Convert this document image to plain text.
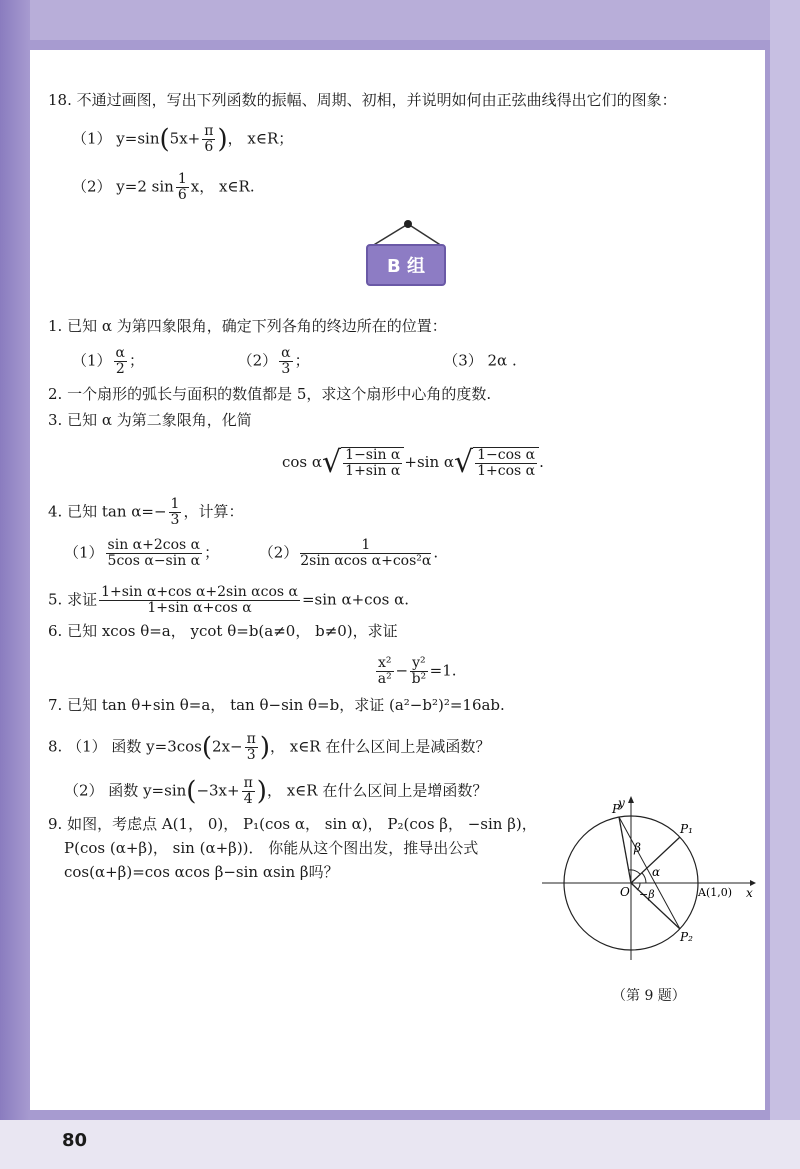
18. 不通过画图，写出下列函数的振幅、周期、初相，并说明如何由正弦曲线得出它们的图象：
（1） $y=\sin(5x+ \frac{\pi}{6}$ )， x∈R；
（2） y=2 $\sin \frac{1}{6}$ x， x∈R.
B 组
1. 已知 α 为第四象限角，确定下列各角的终边所在的位置：
$(1) \frac{\alpha}{2}$ ；	$(2) \frac{\alpha}{3}$ ；	（3） 2α .
2. 一个扇形的弧长与面积的数值都是 5，求这个扇形中心角的度数.
3. 已知 α 为第二象限角，化简
$\cos \alpha√ \frac{\text{1−sin α}}{\text{1+sin α}} +\sin$ $\alpha√ \frac{\text{1−cos α}}{\text{1+cos α}}$ .
4. 已知 $\tan \alpha=- \frac{1}{3}$ ，计算：
$(1) \frac{\text{sin α+2cos α}}{\text{5cos α−sin α}}$ ；	$(2) \frac{1}{\text{2sin αcos α+cos²α}}$ .
5. 求证 $\frac{\text{1+sin α+cos α+2sin αcos α}}{\text{1+sin α+cos α}} =\sin$ α+cos α.
6. 已知 xcos θ=a， ycot θ=b(a≠0， b≠0)，求证
$\frac{\text{x²}}{\text{a²}} - \frac{\text{y²}}{\text{b²}} =1$.
7. 已知 tan θ+sin θ=a， tan θ−sin θ=b，求证 (a²−b²)²=16ab.
8. （1） 函数 $y=3\cos(2x- \frac{\pi}{3}$ )， x∈R 在什么区间上是减函数？
（2） 函数 $y=\sin(-3x+ \frac{\pi}{4}$ )， x∈R 在什么区间上是增函数？
9. 如图，考虑点 A(1， 0)， P₁(cos α， sin α)， P₂(cos β， −sin β)，
P(cos (α+β)， sin (α+β))． 你能从这个图出发，推导出公式
cos(α+β)=cos αcos β−sin αsin β吗？
y
x
O	A(1,0)
P
P₁
P₂
α
β
−β
（第 9 题）
80
